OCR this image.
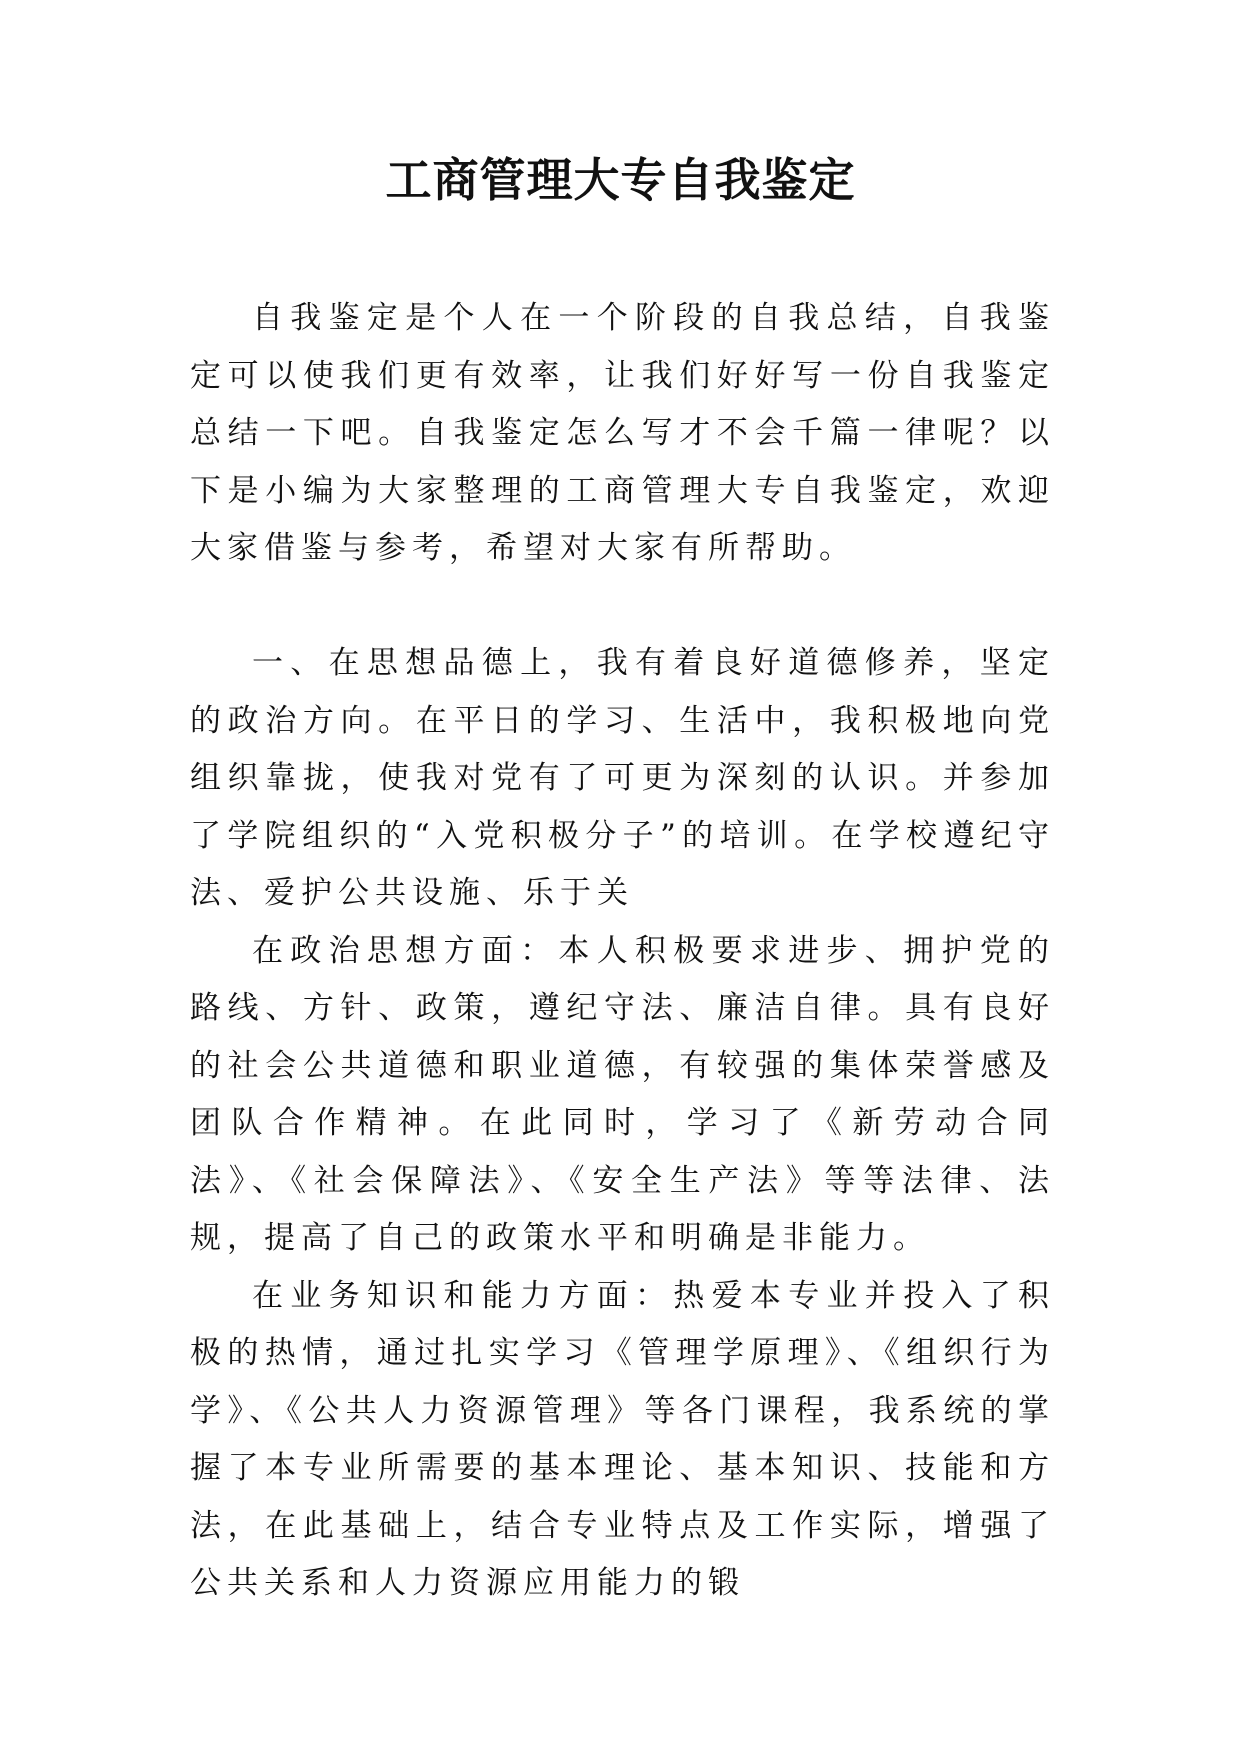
工商管理大专自我鉴定

自我鉴定是个人在一个阶段的自我总结，自我鉴定可以使我们更有效率，让我们好好写一份自我鉴定总结一下吧。自我鉴定怎么写才不会千篇一律呢？以下是小编为大家整理的工商管理大专自我鉴定，欢迎大家借鉴与参考，希望对大家有所帮助。

一、在思想品德上，我有着良好道德修养，坚定的政治方向。在平日的学习、生活中，我积极地向党组织靠拢，使我对党有了可更为深刻的认识。并参加了学院组织的“入党积极分子”的培训。在学校遵纪守法、爱护公共设施、乐于关

在政治思想方面：本人积极要求进步、拥护党的路线、方针、政策，遵纪守法、廉洁自律。具有良好的社会公共道德和职业道德，有较强的集体荣誉感及团队合作精神。在此同时，学习了《新劳动合同法》、《社会保障法》、《安全生产法》等等法律、法规，提高了自己的政策水平和明确是非能力。

在业务知识和能力方面：热爱本专业并投入了积极的热情，通过扎实学习《管理学原理》、《组织行为学》、《公共人力资源管理》等各门课程，我系统的掌握了本专业所需要的基本理论、基本知识、技能和方法，在此基础上，结合专业特点及工作实际，增强了公共关系和人力资源应用能力的锻
